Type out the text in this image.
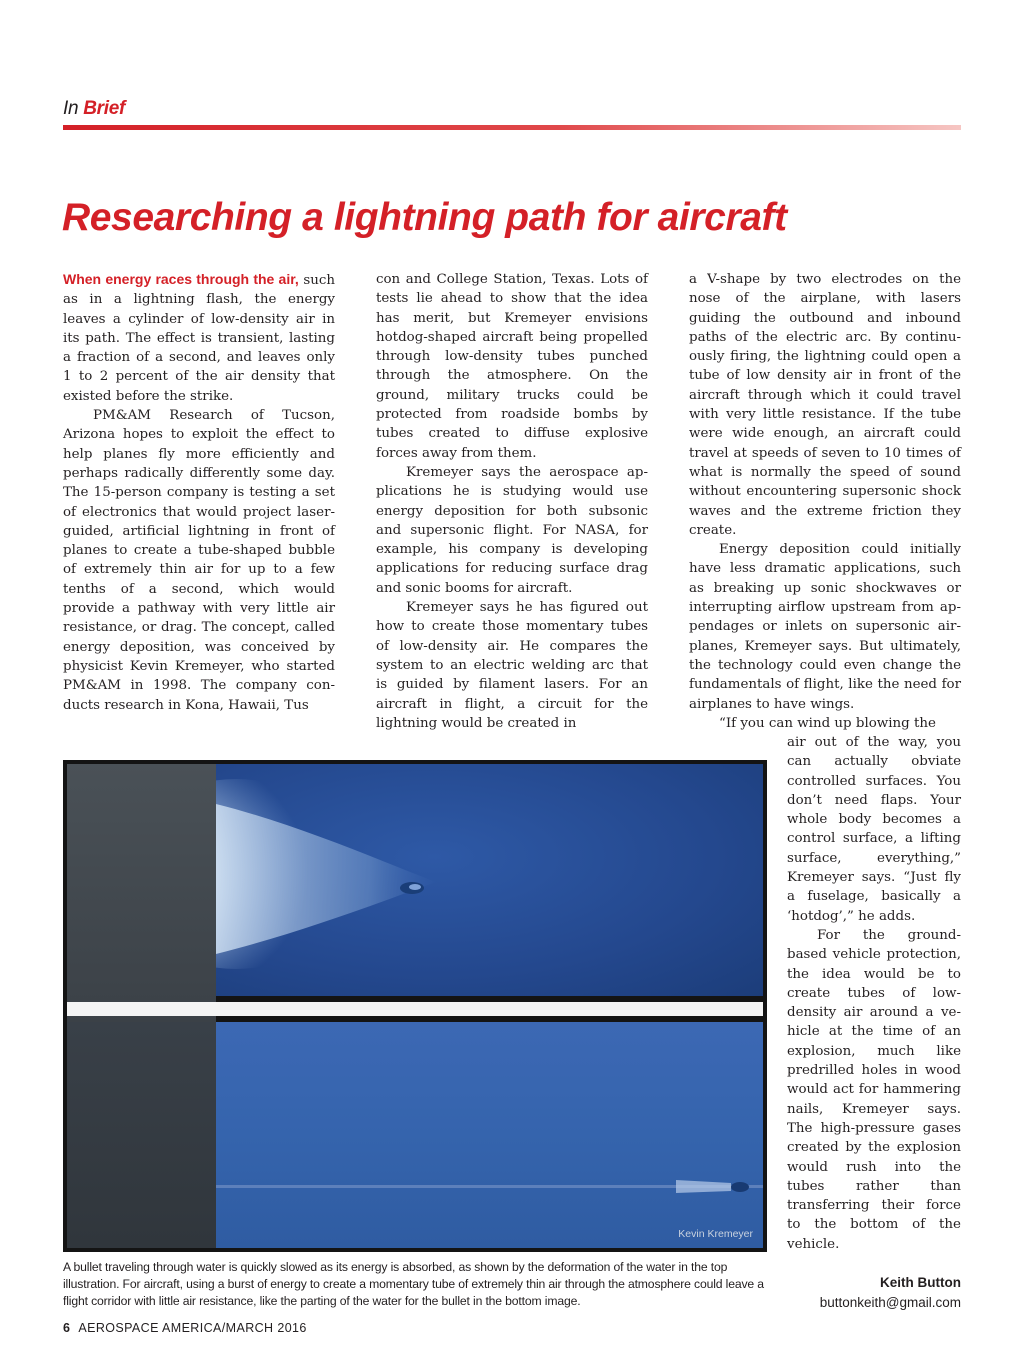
In Brief
Researching a lightning path for aircraft

When energy races through the air, such as in a lightning flash, the energy leaves a cylinder of low-density air in its path. The effect is transient, lasting a fraction of a second, and leaves only 1 to 2 percent of the air density that existed before the strike.

PM&AM Research of Tucson, Arizona hopes to exploit the effect to help planes fly more efficiently and perhaps radically differently some day. The 15-person company is testing a set of electronics that would project laser-guided, artificial lightning in front of planes to create a tube-shaped bubble of extremely thin air for up to a few tenths of a second, which would provide a pathway with very little air resistance, or drag. The concept, called energy deposition, was conceived by physicist Kevin Kremeyer, who started PM&AM in 1998. The company conducts research in Kona, Hawaii, Tus

con and College Station, Texas. Lots of tests lie ahead to show that the idea has merit, but Kremeyer envisions hotdog-shaped aircraft being propelled through low-density tubes punched through the atmosphere. On the ground, military trucks could be protected from roadside bombs by tubes created to diffuse explosive forces away from them.

Kremeyer says the aerospace applications he is studying would use energy deposition for both subsonic and supersonic flight. For NASA, for example, his company is developing applications for reducing surface drag and sonic booms for aircraft.

Kremeyer says he has figured out how to create those momentary tubes of low-density air. He compares the system to an electric welding arc that is guided by filament lasers. For an aircraft in flight, a circuit for the lightning would be created in

a V-shape by two electrodes on the nose of the airplane, with lasers guiding the outbound and inbound paths of the electric arc. By continuously firing, the lightning could open a tube of low density air in front of the aircraft through which it could travel with very little resistance. If the tube were wide enough, an aircraft could travel at speeds of seven to 10 times of what is normally the speed of sound without encountering supersonic shock waves and the extreme friction they create.

Energy deposition could initially have less dramatic applications, such as breaking up sonic shockwaves or interrupting airflow upstream from appendages or inlets on supersonic airplanes, Kremeyer says. But ultimately, the technology could even change the fundamentals of flight, like the need for airplanes to have wings.

“If you can wind up blowing the

air out of the way, you can actually obviate controlled surfaces. You don’t need flaps. Your whole body becomes a control surface, a lifting surface, everything,” Kremeyer says. “Just fly a fuselage, basically a ‘hotdog’,” he adds.

For the ground-based vehicle protection, the idea would be to create tubes of low-density air around a vehicle at the time of an explosion, much like predrilled holes in wood would act for hammering nails, Kremeyer says. The high-pressure gases created by the explosion would rush into the tubes rather than transferring their force to the bottom of the vehicle.

Keith Button
buttonkeith@gmail.com
Kevin Kremeyer
A bullet traveling through water is quickly slowed as its energy is absorbed, as shown by the deformation of the water in the top illustration. For aircraft, using a burst of energy to create a momentary tube of extremely thin air through the atmosphere could leave a flight corridor with little air resistance, like the parting of the water for the bullet in the bottom image.
6 AEROSPACE AMERICA/MARCH 2016
